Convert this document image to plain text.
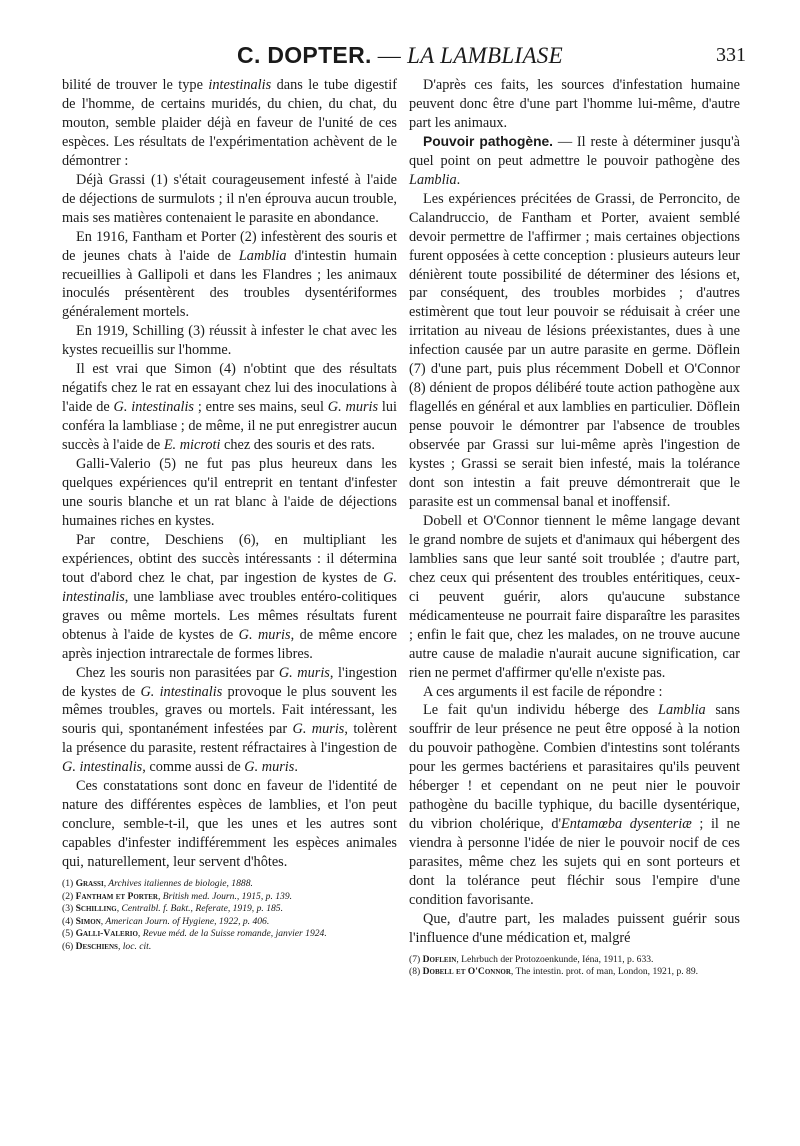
C. DOPTER. — LA LAMBLIASE	331

bilité de trouver le type intestinalis dans le tube digestif de l'homme, de certains muridés, du chien, du chat, du mouton, semble plaider déjà en faveur de l'unité de ces espèces. Les résultats de l'expérimentation achèvent de le démontrer :

Déjà Grassi (1) s'était courageusement infesté à l'aide de déjections de surmulots ; il n'en éprouva aucun trouble, mais ses matières contenaient le parasite en abondance.

En 1916, Fantham et Porter (2) infestèrent des souris et de jeunes chats à l'aide de Lamblia d'intestin humain recueillies à Gallipoli et dans les Flandres ; les animaux inoculés présentèrent des troubles dysentériformes généralement mortels.

En 1919, Schilling (3) réussit à infester le chat avec les kystes recueillis sur l'homme.

Il est vrai que Simon (4) n'obtint que des résultats négatifs chez le rat en essayant chez lui des inoculations à l'aide de G. intestinalis ; entre ses mains, seul G. muris lui conféra la lambliase ; de même, il ne put enregistrer aucun succès à l'aide de E. microti chez des souris et des rats.

Galli-Valerio (5) ne fut pas plus heureux dans les quelques expériences qu'il entreprit en tentant d'infester une souris blanche et un rat blanc à l'aide de déjections humaines riches en kystes.

Par contre, Deschiens (6), en multipliant les expériences, obtint des succès intéressants : il détermina tout d'abord chez le chat, par ingestion de kystes de G. intestinalis, une lambliase avec troubles entéro-colitiques graves ou même mortels. Les mêmes résultats furent obtenus à l'aide de kystes de G. muris, de même encore après injection intrarectale de formes libres.

Chez les souris non parasitées par G. muris, l'ingestion de kystes de G. intestinalis provoque le plus souvent les mêmes troubles, graves ou mortels. Fait intéressant, les souris qui, spontanément infestées par G. muris, tolèrent la présence du parasite, restent réfractaires à l'ingestion de G. intestinalis, comme aussi de G. muris.

Ces constatations sont donc en faveur de l'identité de nature des différentes espèces de lamblies, et l'on peut conclure, semble-t-il, que les unes et les autres sont capables d'infester indifféremment les espèces animales qui, naturellement, leur servent d'hôtes.

(1) Grassi, Archives italiennes de biologie, 1888.
(2) Fantham et Porter, British med. Journ., 1915, p. 139.
(3) Schilling, Centralbl. f. Bakt., Referate, 1919, p. 185.
(4) Simon, American Journ. of Hygiene, 1922, p. 406.
(5) Galli-Valerio, Revue méd. de la Suisse romande, janvier 1924.
(6) Deschiens, loc. cit.

D'après ces faits, les sources d'infestation humaine peuvent donc être d'une part l'homme lui-même, d'autre part les animaux.

Pouvoir pathogène. — Il reste à déterminer jusqu'à quel point on peut admettre le pouvoir pathogène des Lamblia.

Les expériences précitées de Grassi, de Perroncito, de Calandruccio, de Fantham et Porter, avaient semblé devoir permettre de l'affirmer ; mais certaines objections furent opposées à cette conception : plusieurs auteurs leur dénièrent toute possibilité de déterminer des lésions et, par conséquent, des troubles morbides ; d'autres estimèrent que tout leur pouvoir se réduisait à créer une irritation au niveau de lésions préexistantes, dues à une infection causée par un autre parasite en germe. Döflein (7) d'une part, puis plus récemment Dobell et O'Connor (8) dénient de propos délibéré toute action pathogène aux flagellés en général et aux lamblies en particulier. Döflein pense pouvoir le démontrer par l'absence de troubles observée par Grassi sur lui-même après l'ingestion de kystes ; Grassi se serait bien infesté, mais la tolérance dont son intestin a fait preuve démontrerait que le parasite est un commensal banal et inoffensif.

Dobell et O'Connor tiennent le même langage devant le grand nombre de sujets et d'animaux qui hébergent des lamblies sans que leur santé soit troublée ; d'autre part, chez ceux qui présentent des troubles entéritiques, ceux-ci peuvent guérir, alors qu'aucune substance médicamenteuse ne pourrait faire disparaître les parasites ; enfin le fait que, chez les malades, on ne trouve aucune autre cause de maladie n'aurait aucune signification, car rien ne permet d'affirmer qu'elle n'existe pas.

A ces arguments il est facile de répondre :

Le fait qu'un individu héberge des Lamblia sans souffrir de leur présence ne peut être opposé à la notion du pouvoir pathogène. Combien d'intestins sont tolérants pour les germes bactériens et parasitaires qu'ils peuvent héberger ! et cependant on ne peut nier le pouvoir pathogène du bacille typhique, du bacille dysentérique, du vibrion cholérique, d'Entamœba dysenteriæ ; il ne viendra à personne l'idée de nier le pouvoir nocif de ces parasites, même chez les sujets qui en sont porteurs et dont la tolérance peut fléchir sous l'empire d'une condition favorisante.

Que, d'autre part, les malades puissent guérir sous l'influence d'une médication et, malgré

(7) Doflein, Lehrbuch der Protozoenkunde, Iéna, 1911, p. 633.
(8) Dobell et O'Connor, The intestin. prot. of man, London, 1921, p. 89.
